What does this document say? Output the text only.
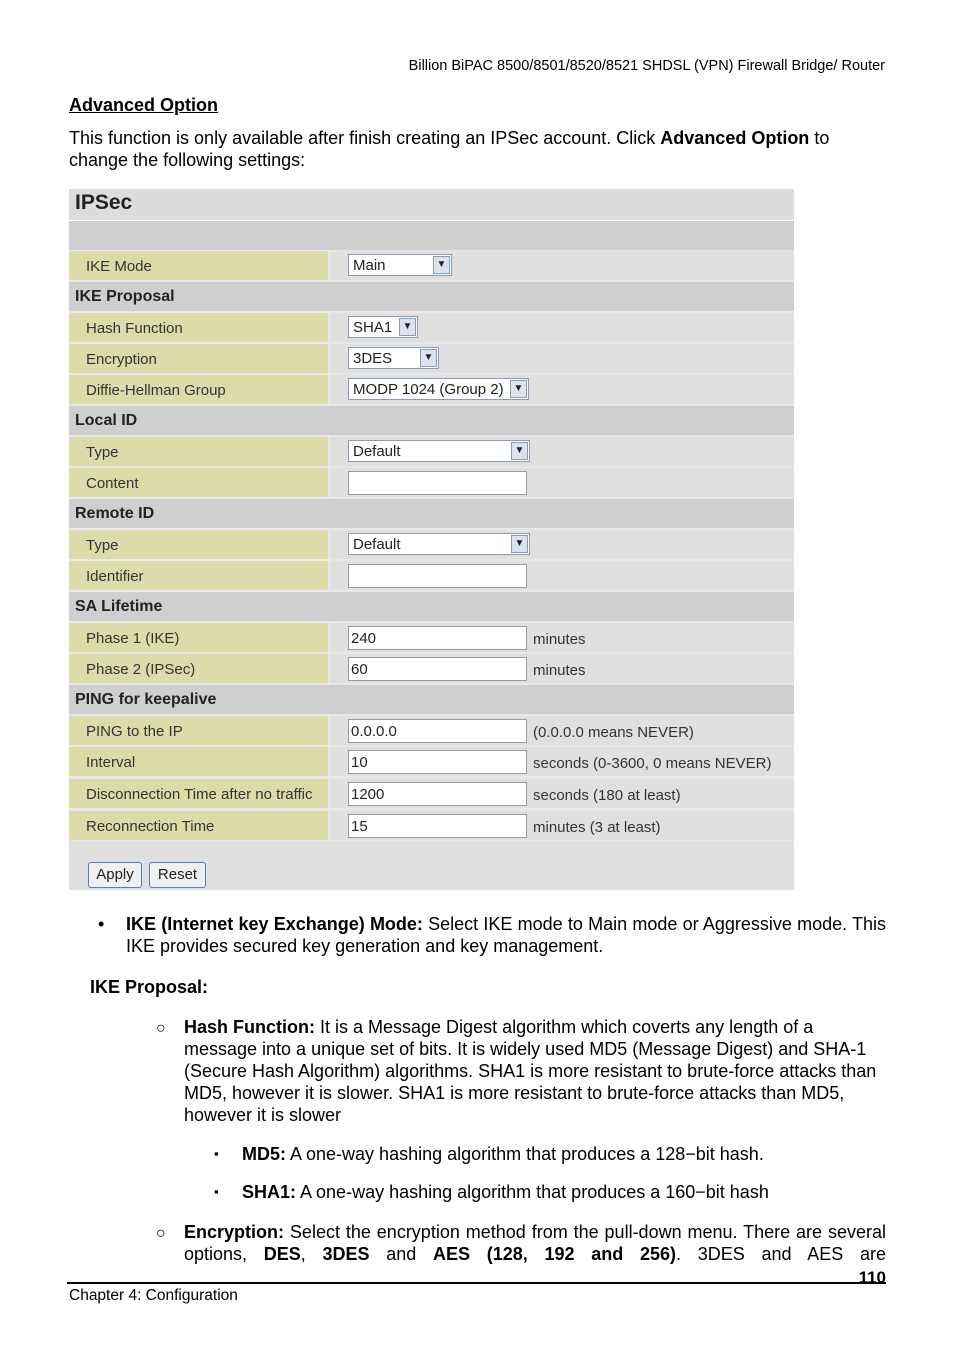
Billion BiPAC 8500/8501/8520/8521 SHDSL (VPN) Firewall Bridge/ Router
Advanced Option
This function is only available after finish creating an IPSec account. Click Advanced Option to change the following settings:
IPSec
IKE Mode	Main	▼
IKE Proposal
Hash Function	SHA1	▼
Encryption	3DES	▼
Diffie-Hellman Group	MODP 1024 (Group 2) ▼
Local ID
Type	Default	▼
Content
Remote ID
Type	Default	▼
Identifier
SA Lifetime
Phase 1 (IKE)	240	minutes
Phase 2 (IPSec)	60	minutes
PING for keepalive
PING to the IP	0.0.0.0	(0.0.0.0 means NEVER)
Interval	10	seconds (0-3600, 0 means NEVER)
Disconnection Time after no traffic	1200	seconds (180 at least)
Reconnection Time	15	minutes (3 at least)
Apply	Reset
• IKE (Internet key Exchange) Mode: Select IKE mode to Main mode or Aggressive mode. This IKE provides secured key generation and key management.
IKE Proposal:
○ Hash Function: It is a Message Digest algorithm which coverts any length of a message into a unique set of bits. It is widely used MD5 (Message Digest) and SHA-1 (Secure Hash Algorithm) algorithms. SHA1 is more resistant to brute-force attacks than MD5, however it is slower. SHA1 is more resistant to brute-force attacks than MD5, however it is slower
▪ MD5: A one-way hashing algorithm that produces a 128−bit hash.
▪ SHA1: A one-way hashing algorithm that produces a 160−bit hash
○ Encryption: Select the encryption method from the pull-down menu. There are several options, DES, 3DES and AES (128, 192 and 256). 3DES and AES are
110
Chapter 4: Configuration
